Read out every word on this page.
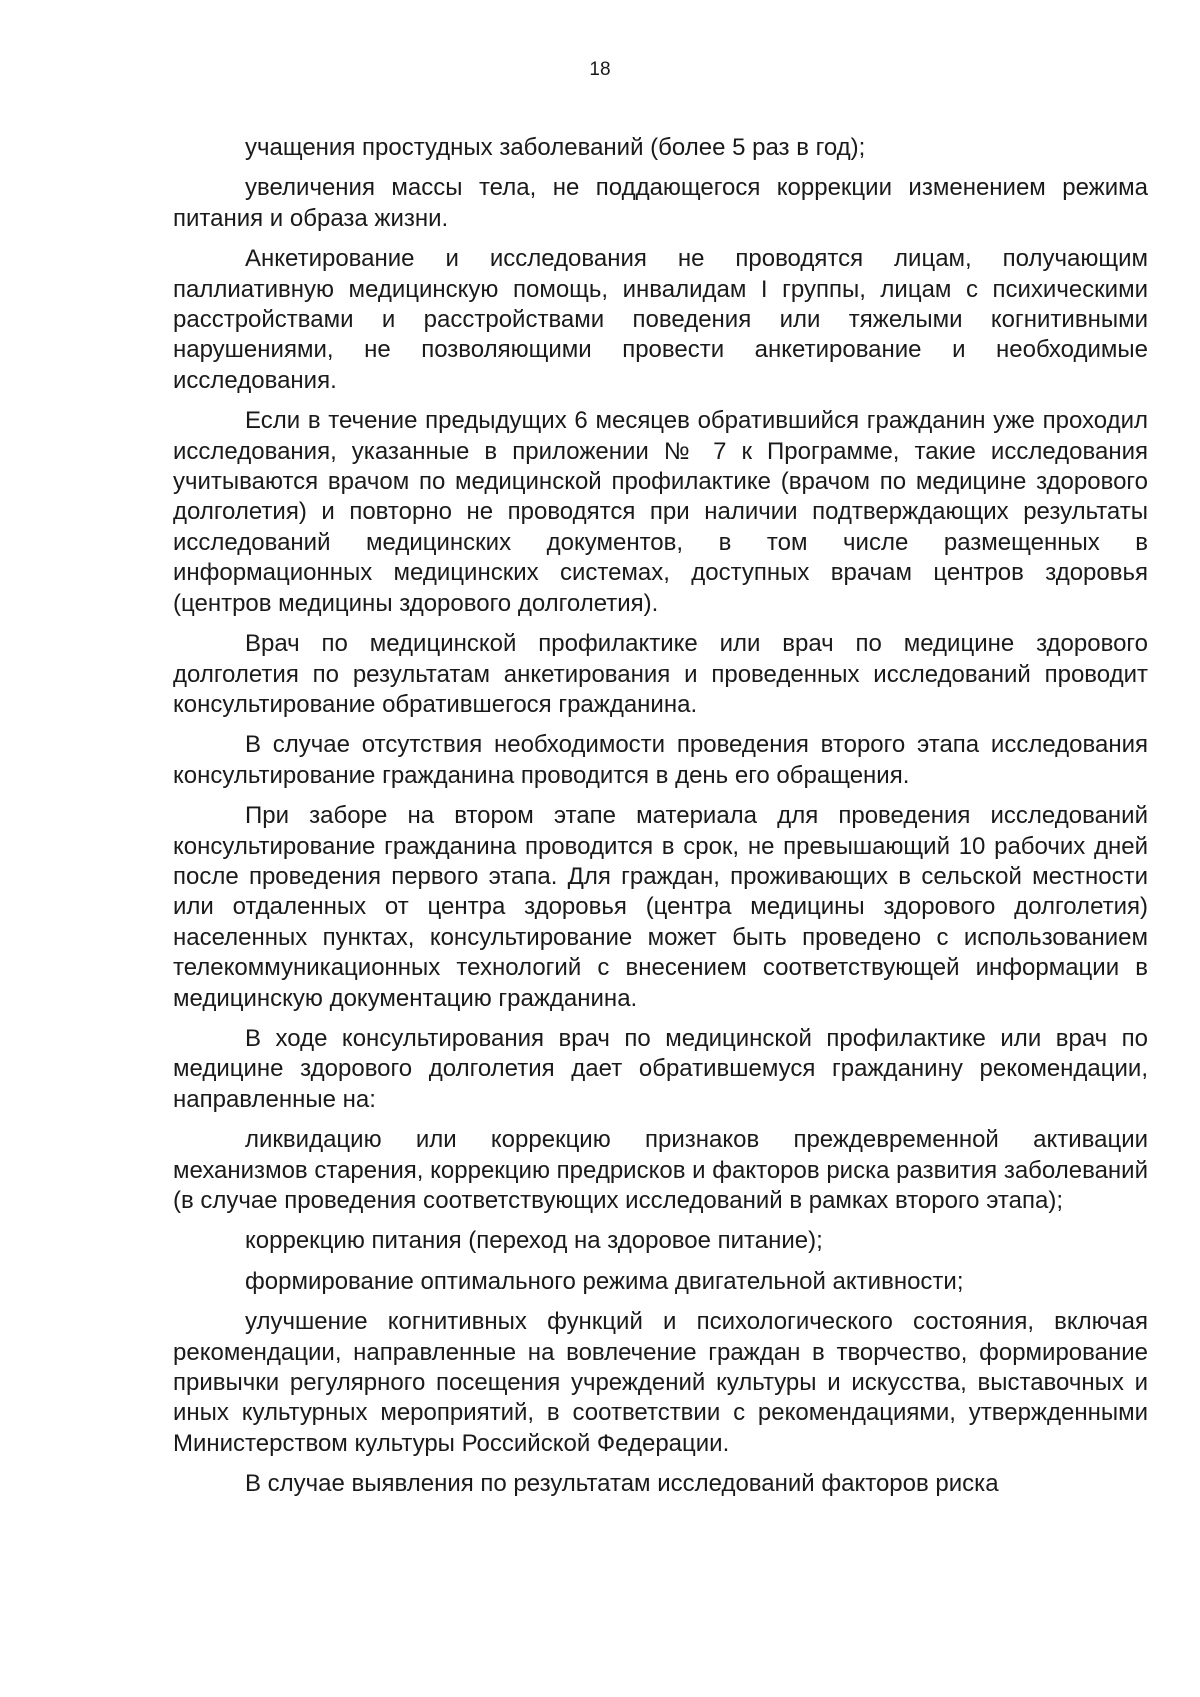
18

учащения простудных заболеваний (более 5 раз в год);

увеличения массы тела, не поддающегося коррекции изменением режима питания и образа жизни.

Анкетирование и исследования не проводятся лицам, получающим паллиативную медицинскую помощь, инвалидам I группы, лицам с психическими расстройствами и расстройствами поведения или тяжелыми когнитивными нарушениями, не позволяющими провести анкетирование и необходимые исследования.

Если в течение предыдущих 6 месяцев обратившийся гражданин уже проходил исследования, указанные в приложении № 7 к Программе, такие исследования учитываются врачом по медицинской профилактике (врачом по медицине здорового долголетия) и повторно не проводятся при наличии подтверждающих результаты исследований медицинских документов, в том числе размещенных в информационных медицинских системах, доступных врачам центров здоровья (центров медицины здорового долголетия).

Врач по медицинской профилактике или врач по медицине здорового долголетия по результатам анкетирования и проведенных исследований проводит консультирование обратившегося гражданина.

В случае отсутствия необходимости проведения второго этапа исследования консультирование гражданина проводится в день его обращения.

При заборе на втором этапе материала для проведения исследований консультирование гражданина проводится в срок, не превышающий 10 рабочих дней после проведения первого этапа. Для граждан, проживающих в сельской местности или отдаленных от центра здоровья (центра медицины здорового долголетия) населенных пунктах, консультирование может быть проведено с использованием телекоммуникационных технологий с внесением соответствующей информации в медицинскую документацию гражданина.

В ходе консультирования врач по медицинской профилактике или врач по медицине здорового долголетия дает обратившемуся гражданину рекомендации, направленные на:

ликвидацию или коррекцию признаков преждевременной активации механизмов старения, коррекцию предрисков и факторов риска развития заболеваний (в случае проведения соответствующих исследований в рамках второго этапа);

коррекцию питания (переход на здоровое питание);

формирование оптимального режима двигательной активности;

улучшение когнитивных функций и психологического состояния, включая рекомендации, направленные на вовлечение граждан в творчество, формирование привычки регулярного посещения учреждений культуры и искусства, выставочных и иных культурных мероприятий, в соответствии с рекомендациями, утвержденными Министерством культуры Российской Федерации.

В случае выявления по результатам исследований факторов риска
